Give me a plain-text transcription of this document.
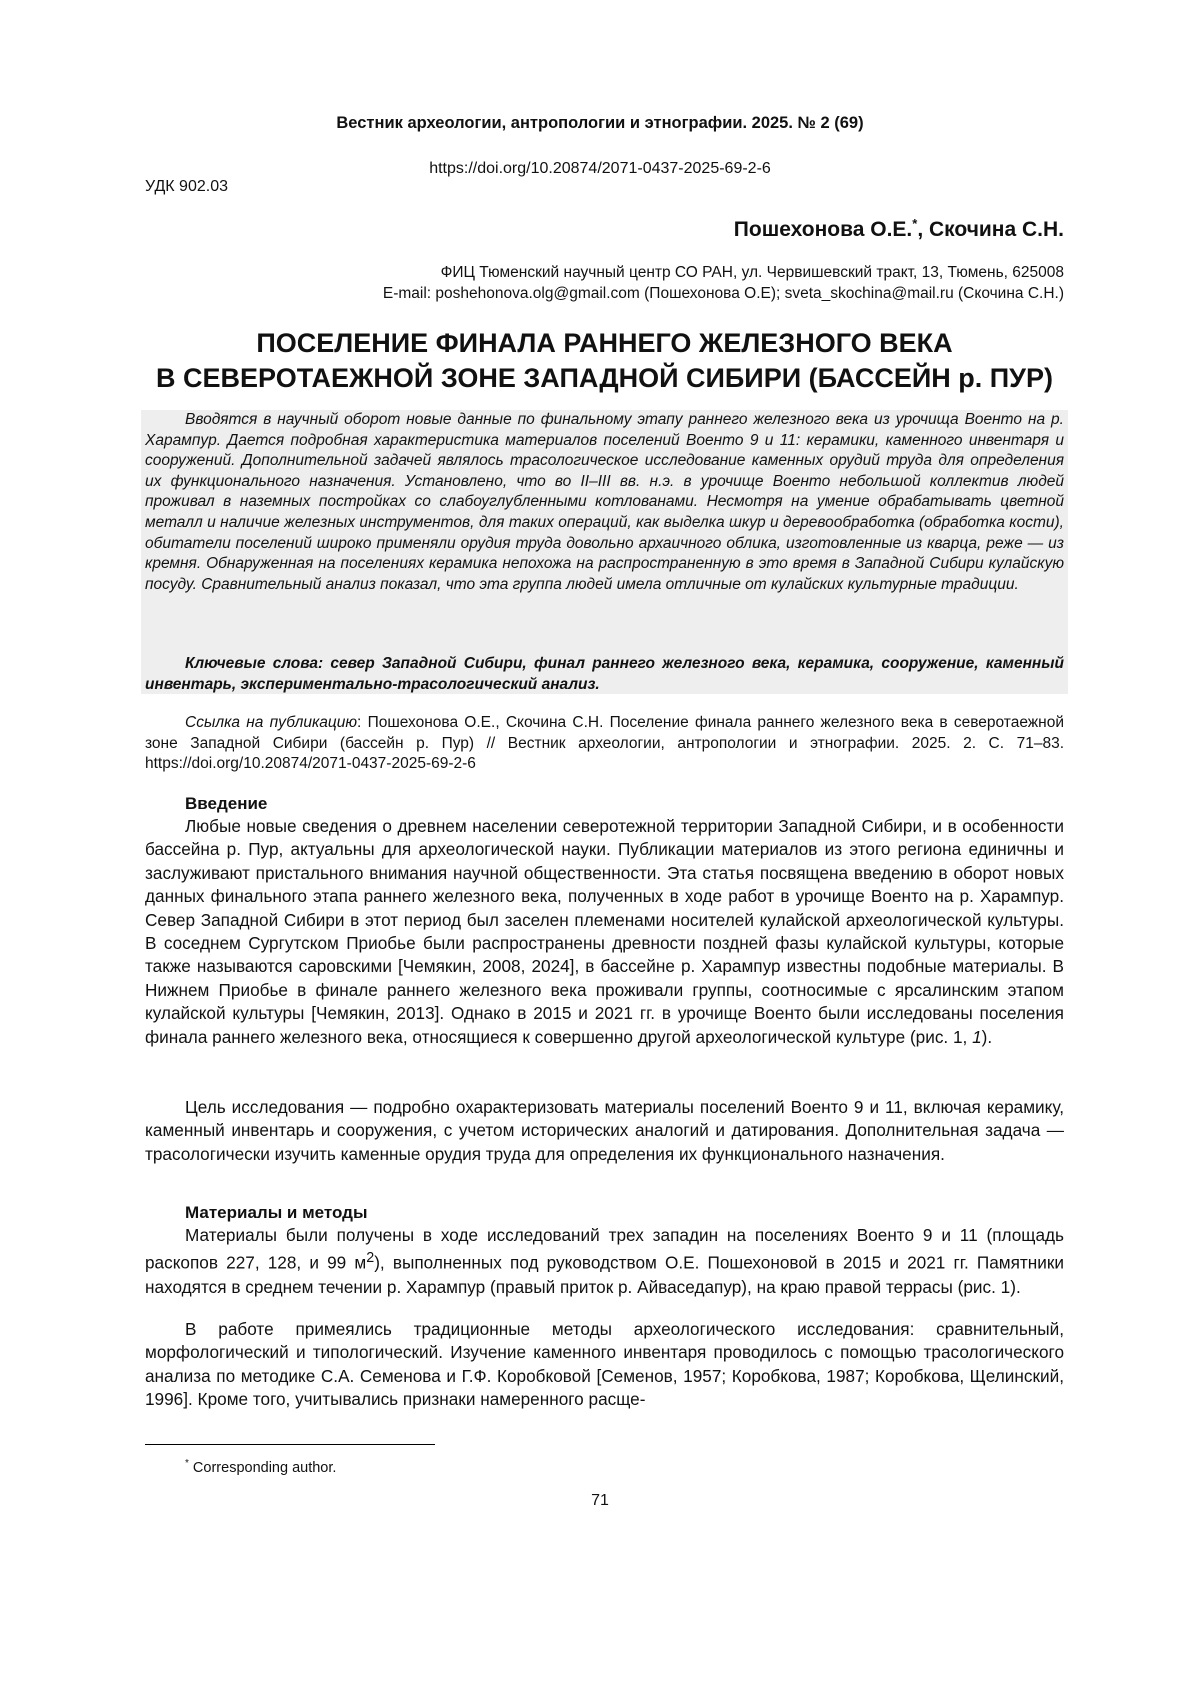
Вестник археологии, антропологии и этнографии. 2025. № 2 (69)
https://doi.org/10.20874/2071-0437-2025-69-2-6
УДК 902.03
Пошехонова О.Е.*, Скочина С.Н.
ФИЦ Тюменский научный центр СО РАН, ул. Червишевский тракт, 13, Тюмень, 625008
E-mail: poshehonova.olg@gmail.com (Пошехонова О.Е); sveta_skochina@mail.ru (Скочина С.Н.)
ПОСЕЛЕНИЕ ФИНАЛА РАННЕГО ЖЕЛЕЗНОГО ВЕКА
В СЕВЕРОТАЕЖНОЙ ЗОНЕ ЗАПАДНОЙ СИБИРИ (БАССЕЙН р. ПУР)

Вводятся в научный оборот новые данные по финальному этапу раннего железного века из урочища Военто на р. Харампур. Дается подробная характеристика материалов поселений Военто 9 и 11: керамики, каменного инвентаря и сооружений. Дополнительной задачей являлось трасологическое исследование каменных орудий труда для определения их функционального назначения. Установлено, что во II–III вв. н.э. в урочище Военто небольшой коллектив людей проживал в наземных постройках со слабоуглубленными котлованами. Несмотря на умение обрабатывать цветной металл и наличие железных инструментов, для таких операций, как выделка шкур и деревообработка (обработка кости), обитатели поселений широко применяли орудия труда довольно архаичного облика, изготовленные из кварца, реже — из кремня. Обнаруженная на поселениях керамика непохожа на распространенную в это время в Западной Сибири кулайскую посуду. Сравнительный анализ показал, что эта группа людей имела отличные от кулайских культурные традиции.

Ключевые слова: север Западной Сибири, финал раннего железного века, керамика, сооружение, каменный инвентарь, экспериментально-трасологический анализ.

Ссылка на публикацию: Пошехонова О.Е., Скочина С.Н. Поселение финала раннего железного века в северотаежной зоне Западной Сибири (бассейн р. Пур) // Вестник археологии, антропологии и этнографии. 2025. 2. С. 71–83. https://doi.org/10.20874/2071-0437-2025-69-2-6

Введение

Любые новые сведения о древнем населении северотежной территории Западной Сибири, и в особенности бассейна р. Пур, актуальны для археологической науки. Публикации материалов из этого региона единичны и заслуживают пристального внимания научной общественности. Эта статья посвящена введению в оборот новых данных финального этапа раннего железного века, полученных в ходе работ в урочище Военто на р. Харампур. Север Западной Сибири в этот период был заселен племенами носителей кулайской археологической культуры. В соседнем Сургутском Приобье были распространены древности поздней фазы кулайской культуры, которые также называются саровскими [Чемякин, 2008, 2024], в бассейне р. Харампур известны подобные материалы. В Нижнем Приобье в финале раннего железного века проживали группы, соотносимые с ярсалинским этапом кулайской культуры [Чемякин, 2013]. Однако в 2015 и 2021 гг. в урочище Военто были исследованы поселения финала раннего железного века, относящиеся к совершенно другой археологической культуре (рис. 1, 1).

Цель исследования — подробно охарактеризовать материалы поселений Военто 9 и 11, включая керамику, каменный инвентарь и сооружения, с учетом исторических аналогий и датирования. Дополнительная задача — трасологически изучить каменные орудия труда для определения их функционального назначения.

Материалы и методы

Материалы были получены в ходе исследований трех западин на поселениях Военто 9 и 11 (площадь раскопов 227, 128, и 99 $м^2$), выполненных под руководством О.Е. Пошехоновой в 2015 и 2021 гг. Памятники находятся в среднем течении р. Харампур (правый приток р. Айваседапур), на краю правой террасы (рис. 1).

В работе примеялись традиционные методы археологического исследования: сравнительный, морфологический и типологический. Изучение каменного инвентаря проводилось с помощью трасологического анализа по методике С.А. Семенова и Г.Ф. Коробковой [Семенов, 1957; Коробкова, 1987; Коробкова, Щелинский, 1996]. Кроме того, учитывались признаки намеренного расще-

* Corresponding author.
71
